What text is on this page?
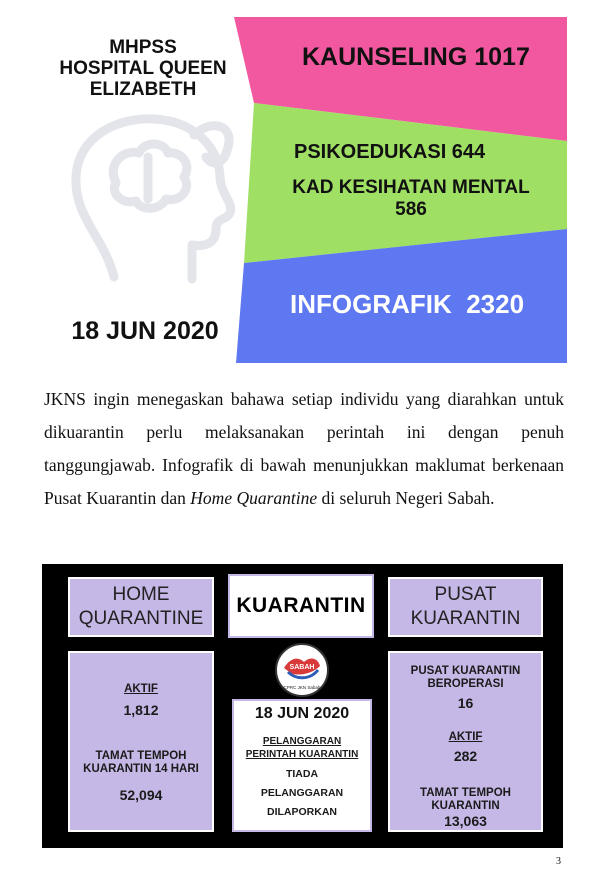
MHPSS
HOSPITAL QUEEN
ELIZABETH
18 JUN 2020
KAUNSELING 1017
PSIKOEDUKASI 644
KAD KESIHATAN MENTAL
586
INFOGRAFIK  2320
JKNS ingin menegaskan bahawa setiap individu yang diarahkan untuk dikuarantin perlu melaksanakan perintah ini dengan penuh tanggungjawab. Infografik di bawah menunjukkan maklumat berkenaan Pusat Kuarantin dan Home Quarantine di seluruh Negeri Sabah.
HOME
QUARANTINE
KUARANTIN	PUSAT
KUARANTIN
AKTIF
1,812
TAMAT TEMPOH
KUARANTIN 14 HARI
52,094
SABAH
CPRC JKN Sabah
18 JUN 2020
PELANGGARAN
PERINTAH KUARANTIN
TIADA
PELANGGARAN
DILAPORKAN
PUSAT KUARANTIN
BEROPERASI
16
AKTIF
282
TAMAT TEMPOH
KUARANTIN
13,063
3
